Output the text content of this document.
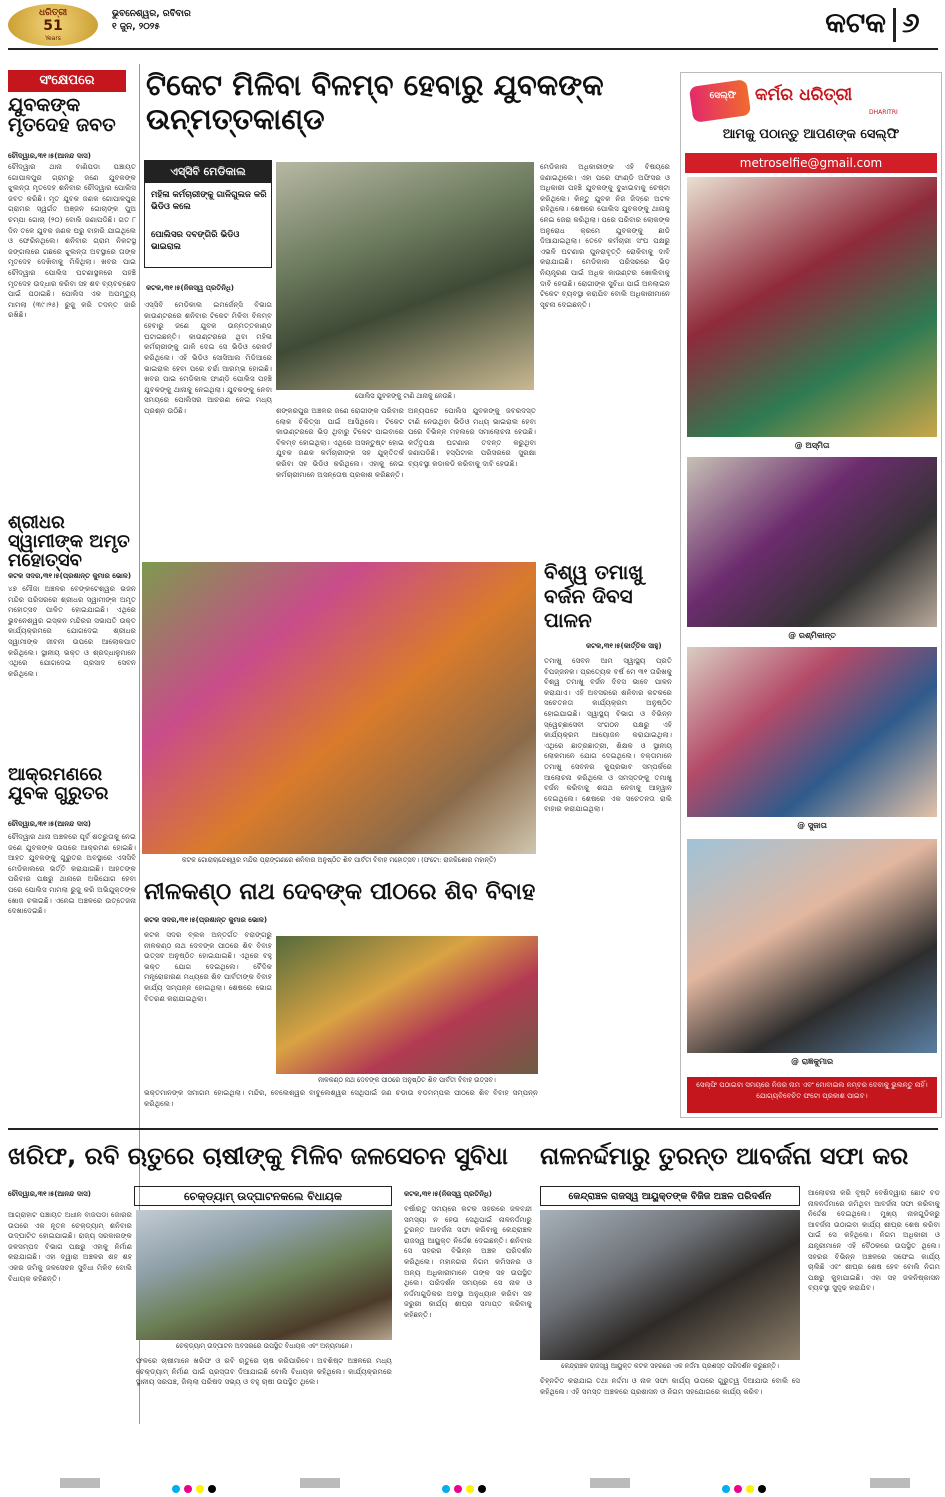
ଧରିତ୍ରୀ
51
Years
ଭୁବନେଶ୍ୱର, ରବିବାର
୧ ଜୁନ, ୨୦୨୫	କଟକ ୬
ସଂକ୍ଷେପରେ
ଯୁବକଙ୍କ ମୃତଦେହ ଜବତ
ଚୌଦ୍ୱାର,୩୧।୫(ଆନନ୍ଦ ଦାସ)
ଚୌଦ୍ୱାର ଥାନା ବାଣିପଡା ପଞ୍ଚାୟତ ଗୋପାଳପୁର ଗ୍ରାମରୁ ଜଣେ ଯୁବକଙ୍କ ଝୁଲନ୍ତା ମୃତଦେହ ଶନିବାର ଚୌଦ୍ୱାର ପୋଲିସ ଜବତ କରିଛି। ମୃତ ଯୁବକ ଜଣକ ଗୋପାଳପୁର ଗ୍ରାମର ସ୍ୱର୍ଗତ ଅଞ୍ଜନ ଗୋଚାଙ୍କ ପୁଅ ଚମ୍ପା ଗୋଚା (୨୦) ବୋଲି ଜଣାପଡିଛି। ଗତ ୮ ଦିନ ତଳେ ଯୁବକ ଜଣକ ଘରୁ ବାହାରି ଯାଇଥିଲେ ଓ ଫେରିନଥିଲେ। ଶନିବାର ଗ୍ରାମ ନିକଟସ୍ଥ ଜଙ୍ଗଲରେ ଗଛରେ ଝୁଲନ୍ତା ଅବସ୍ଥାରେ ତାଙ୍କ ମୃତଦେହ ଦେଖିବାକୁ ମିଳିଥିଲା। ଖବର ପାଇ ଚୌଦ୍ୱାର ପୋଲିସ ଘଟଣାସ୍ଥଳରେ ପହଞ୍ଚି ମୃତଦେହ ଉଦ୍ଧାର କରିବା ସହ ଶବ ବ୍ୟବଚ୍ଛେଦ ପାଇଁ ପଠାଇଛି। ପୋଲିସ ଏକ ଅପମୃତ୍ୟୁ ମାମଲା (୩୯।୨୫) ରୁଜୁ କରି ତଦନ୍ତ ଜାରି ରଖିଛି।
ଶ୍ରୀଧର ସ୍ୱାମୀଙ୍କ ଅମୃତ ମହୋତ୍ସବ
କଟକ ସଦର,୩୧।୫(ପ୍ରଶାନ୍ତ କୁମାର ଭୋଳ)
୪୭ ମୌଜା ଅଞ୍ଚଳର ବେଙ୍କଟେଶ୍ୱର ଭଜନ ମନ୍ଦିର ପରିସରରେ ଶ୍ରୀଧର ସ୍ୱାମୀଙ୍କ ଅମୃତ ମହୋତ୍ସବ ପାଳିତ ହୋଇଯାଇଛି। ଏଥିରେ ଭୁବନେଶ୍ୱର ଇସ୍କନ ମନ୍ଦିରର ସଭାପତି ଉକ୍ତ କାର୍ଯ୍ୟକ୍ରମରେ ଯୋଗଦେଇ ଶ୍ରୀଧର ସ୍ୱାମୀଙ୍କ ଜୀବନୀ ଉପରେ ଆଲୋକପାତ କରିଥିଲେ। ସ୍ଥାନୀୟ ଭକ୍ତ ଓ ଶ୍ରଦ୍ଧାଳୁମାନେ ଏଥିରେ ଯୋଗଦେଇ ପ୍ରସାଦ ସେବନ କରିଥିଲେ।
ଆକ୍ରମଣରେ ଯୁବକ ଗୁରୁତର
ଚୌଦ୍ୱାର,୩୧।୫(ଆନନ୍ଦ ଦାସ)
ଚୌଦ୍ୱାର ଥାନା ଅଞ୍ଚଳରେ ପୂର୍ବ ଶତ୍ରୁତାକୁ ନେଇ ଜଣେ ଯୁବକଙ୍କ ଉପରେ ଆକ୍ରମଣ ହୋଇଛି। ଆହତ ଯୁବକଙ୍କୁ ଗୁରୁତର ଅବସ୍ଥାରେ ଏସସିବି ମେଡିକାଲରେ ଭର୍ତ୍ତି କରାଯାଇଛି। ଆହତଙ୍କ ପରିବାର ପକ୍ଷରୁ ଥାନାରେ ଅଭିଯୋଗ ହେବା ପରେ ପୋଲିସ ମାମଲା ରୁଜୁ କରି ଅଭିଯୁକ୍ତଙ୍କ ଖୋଜ ଚଳାଇଛି। ଏନେଇ ଅଞ୍ଚଳରେ ଉତ୍ତେଜନା ଦେଖାଦେଇଛି।
ଟିକେଟ ମିଳିବା ବିଳମ୍ବ ହେବାରୁ ଯୁବକଙ୍କ ଉନ୍ମତ୍ତକାଣ୍ଡ
ଏସ୍‌ସିବି ମେଡିକାଲ
ମହିଳା କର୍ମଚାରୀଙ୍କୁ ଗାଳିଗୁଲଜ କରି ଭିଡିଓ କଲେ
ପୋଲିସର ଦବଙ୍ଗିରି ଭିଡିଓ ଭାଇରାଲ
କଟକ,୩୧।୫(ନିଜସ୍ୱ ପ୍ରତିନିଧି)
ଏସ୍‌ସିବି ମେଡିକାଲ ଇମର୍ଜେନ୍ସି ବିଭାଗ କାଉଣ୍ଟରରେ ଶନିବାର ଟିକେଟ ମିଳିବା ବିଳମ୍ବ ହେବାରୁ ଜଣେ ଯୁବକ ଉନ୍ମତ୍ତକାଣ୍ଡ ଘଟାଇଛନ୍ତି। କାଉଣ୍ଟରରେ ଥିବା ମହିଳା କର୍ମଚାରୀଙ୍କୁ ଗାଳି ଦେଇ ସେ ଭିଡିଓ ରେକର୍ଡ କରିଥିଲେ। ଏହି ଭିଡିଓ ସୋସିଆଲ ମିଡିଆରେ ଭାଇରାଲ ହେବା ପରେ ଚର୍ଚ୍ଚା ଆରମ୍ଭ ହୋଇଛି। ଖବର ପାଇ ମେଡିକାଲ ଫାଣ୍ଡି ପୋଲିସ ପହଞ୍ଚି ଯୁବକଙ୍କୁ ଥାନାକୁ ନେଇଥିଲା। ଯୁବକଙ୍କୁ ନେବା ସମୟରେ ପୋଲିସର ଆଚରଣ ନେଇ ମଧ୍ୟ ପ୍ରଶ୍ନ ଉଠିଛି।
ପୋଲିସ ଯୁବକଙ୍କୁ ଟାଣି ଥାନାକୁ ନେଉଛି।
ଶଙ୍କରପୁର ଅଞ୍ଚଳର ଜଣେ ରୋଗୀଙ୍କ ପରିବାର ଲୋକ ଚିକିତ୍ସା ପାଇଁ ଆସିଥିଲେ। ଟିକେଟ କାଉଣ୍ଟରରେ ଭିଡ଼ ଥିବାରୁ ଟିକେଟ ପାଇବାରେ ବିଳମ୍ବ ହୋଇଥିଲା। ଏଥିରେ ଅସନ୍ତୁଷ୍ଟ ହୋଇ ଯୁବକ ଜଣକ କର୍ମଚାରୀଙ୍କ ସହ ଯୁକ୍ତିତର୍କ କରିବା ସହ ଭିଡିଓ କରିଥିଲେ। ଏହାକୁ ନେଇ କର୍ମଚାରୀମାନେ ଅସନ୍ତୋଷ ପ୍ରକାଶ କରିଛନ୍ତି।
ଅନ୍ୟପଟେ ପୋଲିସ ଯୁବକଙ୍କୁ ଜବରଦସ୍ତ ଟାଣି ନେଉଥିବା ଭିଡିଓ ମଧ୍ୟ ଭାଇରାଲ ହେବା ପରେ ବିଭିନ୍ନ ମହଲରେ ସମାଲୋଚନା ହେଉଛି। କର୍ତ୍ତୃପକ୍ଷ ଘଟଣାର ତଦନ୍ତ କରୁଥିବା ଜଣାପଡିଛି। ହସ୍ପିଟାଲ ପରିସରରେ ସୁରକ୍ଷା ବ୍ୟବସ୍ଥା କଡାକଡି କରିବାକୁ ଦାବି ହେଉଛି।
ମେଡିକାଲ ଅଧିକାରୀଙ୍କ ଏହି ବିଷୟରେ ଜଣାଇଥିଲେ। ଏହା ପରେ ଫାଣ୍ଡି ଅଫିସର ଓ ଅଧିକାରୀ ପହଞ୍ଚି ଯୁବକଙ୍କୁ ବୁଝାଇବାକୁ ଚେଷ୍ଟା କରିଥିଲେ। କିନ୍ତୁ ଯୁବକ ନିଜ ଜିଦ୍‌ରେ ଅଟଳ ରହିଥିଲେ। ଶେଷରେ ପୋଲିସ ଯୁବକଙ୍କୁ ଥାନାକୁ ନେଇ ଜେରା କରିଥିଲା। ପରେ ପରିବାର ଲୋକଙ୍କ ଅନୁରୋଧ କ୍ରମେ ଯୁବକଙ୍କୁ ଛାଡି ଦିଆଯାଇଥିଲା। ତେବେ କର୍ମଚାରୀ ସଂଘ ପକ୍ଷରୁ ଏଭଳି ଘଟଣାର ପୁନରାବୃତ୍ତି ରୋକିବାକୁ ଦାବି କରାଯାଇଛି। ମେଡିକାଲ ପରିସରରେ ଭିଡ଼ ନିୟନ୍ତ୍ରଣ ପାଇଁ ଅଧିକ କାଉଣ୍ଟର ଖୋଲିବାକୁ ଦାବି ହେଉଛି। ରୋଗୀଙ୍କ ସୁବିଧା ପାଇଁ ଅନଲାଇନ ଟିକେଟ ବ୍ୟବସ୍ଥା କରାଯିବ ବୋଲି ଅଧିକାରୀମାନେ ସୂଚନା ଦେଇଛନ୍ତି।
କଟକ ଗୋରାଚାନ୍ଦେଶ୍ୱର ମନ୍ଦିର ପ୍ରାଙ୍ଗଣରେ ଶନିବାର ଅନୁଷ୍ଠିତ ଶିବ ପାର୍ବତୀ ବିବାହ ମହୋତ୍ସବ। (ଫଟୋ: ରାଜକିଶୋର ମହାନ୍ତି)
ବିଶ୍ୱ ତମାଖୁ ବର୍ଜନ ଦିବସ ପାଳନ
କଟକ,୩୧।୫(କାର୍ତ୍ତିକ ସାହୁ)
ତମାଖୁ ସେବନ ଆମ ସ୍ୱାସ୍ଥ୍ୟ ପ୍ରତି ବିପଜ୍ଜନକ। ପ୍ରତ୍ୟେକ ବର୍ଷ ମେ ୩୧ ତାରିଖକୁ ବିଶ୍ୱ ତମାଖୁ ବର୍ଜନ ଦିବସ ଭାବେ ପାଳନ କରାଯାଏ। ଏହି ଅବସରରେ ଶନିବାର କଟକରେ ସଚେତନତା କାର୍ଯ୍ୟକ୍ରମ ଅନୁଷ୍ଠିତ ହୋଇଯାଇଛି। ସ୍ୱାସ୍ଥ୍ୟ ବିଭାଗ ଓ ବିଭିନ୍ନ ସ୍ୱେଚ୍ଛାସେବୀ ସଂଗଠନ ପକ୍ଷରୁ ଏହି କାର୍ଯ୍ୟକ୍ରମ ଆୟୋଜନ କରାଯାଇଥିଲା। ଏଥିରେ ଛାତ୍ରଛାତ୍ରୀ, ଶିକ୍ଷକ ଓ ସ୍ଥାନୀୟ ଲୋକମାନେ ଯୋଗ ଦେଇଥିଲେ। ବକ୍ତାମାନେ ତମାଖୁ ସେବନର କୁପ୍ରଭାବ ସମ୍ପର୍କରେ ଆଲୋଚନା କରିଥିଲେ ଓ ସମସ୍ତଙ୍କୁ ତମାଖୁ ବର୍ଜନ କରିବାକୁ ଶପଥ ନେବାକୁ ଆହ୍ୱାନ ଦେଇଥିଲେ। ଶେଷରେ ଏକ ସଚେତନତା ରାଲି ବାହାର କରାଯାଇଥିଲା।
ନୀଳକଣ୍ଠ ନାଥ ଦେବଙ୍କ ପୀଠରେ ଶିବ ବିବାହ
କଟକ ସଦର,୩୧।୫(ପ୍ରଶାନ୍ତ କୁମାର ଭୋଳ)
କଟକ ସଦର ବ୍ଲକ ଅନ୍ତର୍ଗତ ବରାଙ୍ଗରୁ ନୀଳକଣ୍ଠ ନାଥ ଦେବଙ୍କ ପୀଠରେ ଶିବ ବିବାହ ଉତ୍ସବ ଅନୁଷ୍ଠିତ ହୋଇଯାଇଛି। ଏଥିରେ ବହୁ ଭକ୍ତ ଯୋଗ ଦେଇଥିଲେ। ବୈଦିକ ମନ୍ତ୍ରୋଚ୍ଚାରଣ ମଧ୍ୟରେ ଶିବ ପାର୍ବତୀଙ୍କ ବିବାହ କାର୍ଯ୍ୟ ସମ୍ପନ୍ନ ହୋଇଥିଲା। ଶେଷରେ ଭୋଗ ବିତରଣ କରାଯାଇଥିଲା।
ନୀଳକଣ୍ଠ ନାଥ ଦେବଙ୍କ ପୀଠରେ ଅନୁଷ୍ଠିତ ଶିବ ପାର୍ବତୀ ବିବାହ ଉତ୍ସବ।
ଭକ୍ତମାନଙ୍କ ସମାଗମ ହୋଇଥିଲା। ମନ୍ଦିର, ବେଲେଶ୍ୱର ବାବୁଲେଶ୍ୱର ସେଥିପାଇଁ ଜଣ ଚଡାଉ ବଡମମ୍ପଲ ପୀଠରେ ଶିବ ବିବାହ ସମ୍ପନ୍ନ କରିଥିଲେ।
ସେଲ୍ଫି	କର୍ମର ଧରିତ୍ରୀ
DHARITRI
ଆମକୁ ପଠାନ୍ତୁ ଆପଣଙ୍କ ସେଲ୍‌ଫି
metroselfie@gmail.com
@ ଅସ୍ମିତା
@ ରଶ୍ମିକାନ୍ତ
@ ସୁଜାତା
@ ରାଜ୍ଞକୁମାର
ସେଲ୍‌ଫି ପଠାଇବା ସମୟରେ ନିଜର ନାମ ଏବଂ ମୋବାଇଲ ନମ୍ବର ଦେବାକୁ ଭୁଲନ୍ତୁ ନାହିଁ। ଯୋଗ୍ୟବିବେଚିତ ଫଟୋ ପ୍ରକାଶ ପାଇବ।
ଖରିଫ, ରବି ଋତୁରେ ଚାଷୀଙ୍କୁ ମିଳିବ ଜଳସେଚନ ସୁବିଧା	ନାଳନର୍ଦ୍ଦମାରୁ ତୁରନ୍ତ ଆବର୍ଜନା ସଫା କର
ଚୌଦ୍ୱାର,୩୧।୫(ଆନନ୍ଦ ଦାସ)	ଚେକ୍‌ଡ୍ୟାମ୍ ଉଦ୍‌ଘାଟନକଲେ ବିଧାୟକ
ଆଗ୍ରାହାଟ ପଞ୍ଚାୟତ ଅଧୀନ ବାଜପଡା ଜୋରର ଉପରେ ଏକ ନୂତନ ଚେକ୍‌ଡ୍ୟାମ୍ ଶନିବାର ଉଦ୍‌ଘାଟିତ ହୋଇଯାଇଛି। ରାଜ୍ୟ ସରକାରଙ୍କ ଜଳସମ୍ପଦ ବିଭାଗ ପକ୍ଷରୁ ଏହାକୁ ନିର୍ମାଣ କରାଯାଇଛି। ଏହା ଦ୍ୱାରା ଅଞ୍ଚଳର ଶହ ଶହ ଏକର ଜମିକୁ ଜଳସେଚନ ସୁବିଧା ମିଳିବ ବୋଲି ବିଧାୟକ କହିଛନ୍ତି।
ଚେକ୍‌ଡ୍ୟାମ୍ ଉଦ୍‌ଘାଟନ ଅବସରରେ ଉପସ୍ଥିତ ବିଧାୟକ ଏବଂ ଅନ୍ୟମାନେ।
ଫଳରେ ଚାଷୀମାନେ ଖରିଫ ଓ ରବି ଋତୁରେ ଚାଷ କରିପାରିବେ। ଅବଶିଷ୍ଟ ଅଞ୍ଚଳରେ ମଧ୍ୟ ଚେକ୍‌ଡ୍ୟାମ୍ ନିର୍ମାଣ ପାଇଁ ପ୍ରସ୍ତାବ ଦିଆଯାଇଛି ବୋଲି ବିଧାୟକ କହିଥିଲେ। କାର୍ଯ୍ୟକ୍ରମରେ ସ୍ଥାନୀୟ ସରପଞ୍ଚ, ଜିଲ୍ଲା ପରିଷଦ ସଭ୍ୟ ଓ ବହୁ ଚାଷୀ ଉପସ୍ଥିତ ଥିଲେ।
କଟକ,୩୧।୫(ନିଜସ୍ୱ ପ୍ରତିନିଧି)
ବର୍ଷାଋତୁ ସମୟରେ କଟକ ସହରରେ ଜଳବନ୍ଦୀ ସମସ୍ୟା ନ ହେଉ ସେଥିପାଇଁ ନାଳନର୍ଦ୍ଦମାରୁ ତୁରନ୍ତ ଆବର୍ଜନା ସଫା କରିବାକୁ କେନ୍ଦ୍ରାଞ୍ଚଳ ରାଜସ୍ୱ ଆୟୁକ୍ତ ନିର୍ଦ୍ଦେଶ ଦେଇଛନ୍ତି। ଶନିବାର ସେ ସହରର ବିଭିନ୍ନ ଅଞ୍ଚଳ ପରିଦର୍ଶନ କରିଥିଲେ। ମହାନଗର ନିଗମ କମିସନର ଓ ଅନ୍ୟ ଅଧିକାରୀମାନେ ତାଙ୍କ ସହ ଉପସ୍ଥିତ ଥିଲେ। ପରିଦର୍ଶନ ସମୟରେ ସେ ନାଳ ଓ ନର୍ଦ୍ଦମାଗୁଡିକର ଅବସ୍ଥା ଅନୁଧ୍ୟାନ କରିବା ସହ ଜରୁରୀ କାର୍ଯ୍ୟ ଶୀଘ୍ର ସମାପ୍ତ କରିବାକୁ କହିଛନ୍ତି।
କେନ୍ଦ୍ରାଞ୍ଚଳ ରାଜସ୍ୱ ଆୟୁକ୍ତଙ୍କ ବିଜିଜ ଅଞ୍ଚଳ ପରିଦର୍ଶନ
କେନ୍ଦ୍ରାଞ୍ଚଳ ରାଜସ୍ୱ ଆୟୁକ୍ତ କଟକ ସହରରେ ଏକ ନର୍ଦ୍ଦମା ପ୍ରଶସ୍ତ ପରିଦର୍ଶନ କରୁଛନ୍ତି।
ଚିହ୍ନଟିତ କରାଯାଇ ତଥା ନର୍ଦ୍ଦମା ଓ ନାଳ ସଫା କାର୍ଯ୍ୟ ଉପରେ ଗୁରୁତ୍ୱ ଦିଆଯାଉ ବୋଲି ସେ କହିଥିଲେ। ଏହି ସମସ୍ତ ଅଞ୍ଚଳରେ ପ୍ରଶାସନ ଓ ନିଗମ ସହଯୋଗରେ କାର୍ଯ୍ୟ କରିବ।
ଆଲୋଚନା କରି ବୃଷ୍ଟି ବେଶିଦ୍ୱାରା ଛୋଟ ବଡ ନାଳନର୍ଦ୍ଦମାରେ ଜମିଥିବା ଆବର୍ଜନା ସଫା କରିବାକୁ ନିର୍ଦ୍ଦେଶ ଦେଇଥିଲେ। ମୁଖ୍ୟ ନାଳଗୁଡିକରୁ ଆବର୍ଜନା ଉଠାଇବା କାର୍ଯ୍ୟ ଶୀଘ୍ର ଶେଷ କରିବା ପାଇଁ ସେ କହିଥିଲେ। ନିଗମ ଅଧିକାରୀ ଓ ଯନ୍ତ୍ରୀମାନେ ଏହି ବୈଠକରେ ଉପସ୍ଥିତ ଥିଲେ। ସହରର ବିଭିନ୍ନ ଅଞ୍ଚଳରେ ସଫେଇ କାର୍ଯ୍ୟ ଚାଲିଛି ଏବଂ ଶୀଘ୍ର ଶେଷ ହେବ ବୋଲି ନିଗମ ପକ୍ଷରୁ କୁହାଯାଇଛି। ଏହା ସହ ଜଳନିଷ୍କାସନ ବ୍ୟବସ୍ଥା ସୁଦୃଢ କରାଯିବ।
